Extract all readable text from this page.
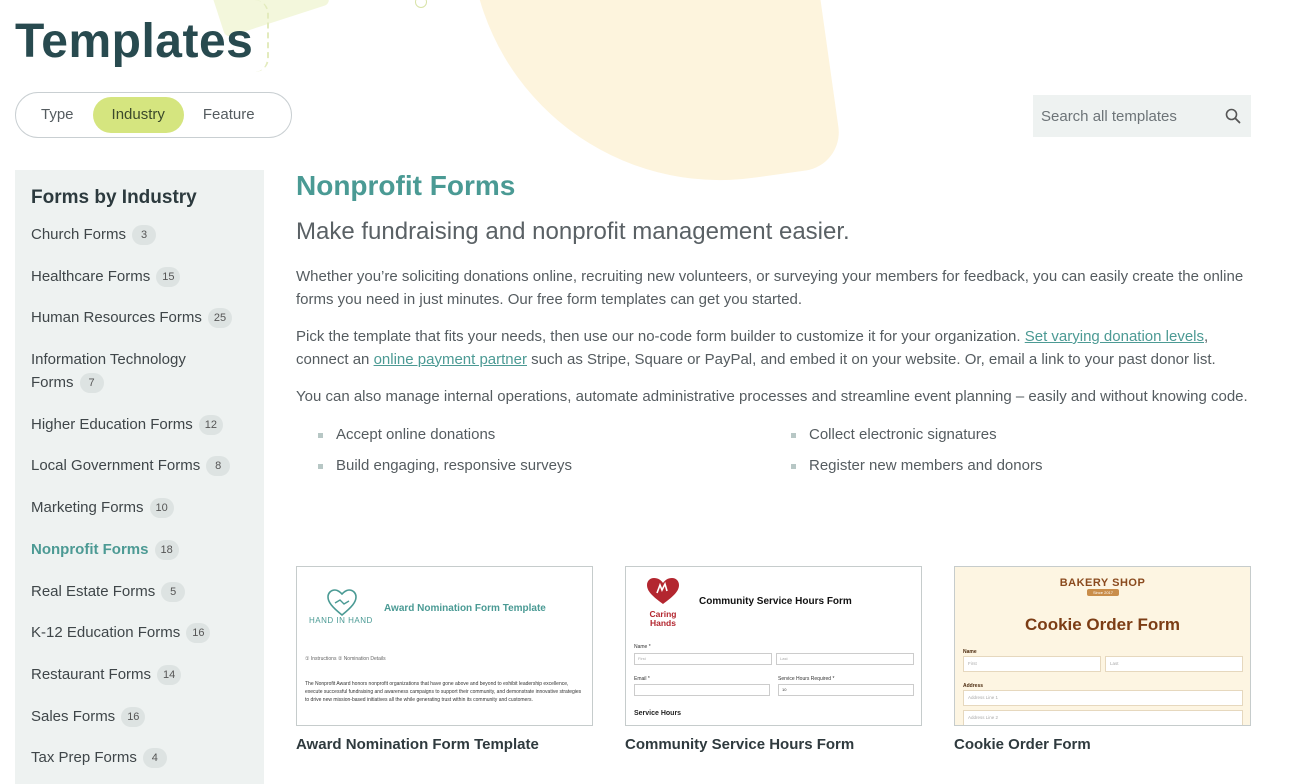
Templates
Type	Industry	Feature
Search all templates
Forms by Industry
Church Forms 3
Healthcare Forms 15
Human Resources Forms 25
Information Technology Forms 7
Higher Education Forms 12
Local Government Forms 8
Marketing Forms 10
Nonprofit Forms 18
Real Estate Forms 5
K-12 Education Forms 16
Restaurant Forms 14
Sales Forms 16
Tax Prep Forms 4
Nonprofit Forms
Make fundraising and nonprofit management easier.

Whether you’re soliciting donations online, recruiting new volunteers, or surveying your members for feedback, you can easily create the online forms you need in just minutes. Our free form templates can get you started.

Pick the template that fits your needs, then use our no-code form builder to customize it for your organization. Set varying donation levels, connect an online payment partner such as Stripe, Square or PayPal, and embed it on your website. Or, email a link to your past donor list.

You can also manage internal operations, automate administrative processes and streamline event planning – easily and without knowing code.

Accept online donations	Collect electronic signatures
Build engaging, responsive surveys	Register new members and donors
HAND IN HAND
Award Nomination Form Template
① Instructions ② Nomination Details
The Nonprofit Award honors nonprofit organizations that have gone above and beyond to exhibit leadership excellence, execute successful fundraising and awareness campaigns to support their community, and demonstrate innovative strategies to drive new mission-based initiatives all the while generating trust within its community and customers.
Award Nomination Form Template
Caring
Hands
Community Service Hours Form
Name *
First	Last
Email *	Service Hours Required *
10
Service Hours
Community Service Hours Form
BAKERY SHOP
Since 2017
Cookie Order Form
Name
First	Last
Address
Address Line 1
Address Line 2
Cookie Order Form
